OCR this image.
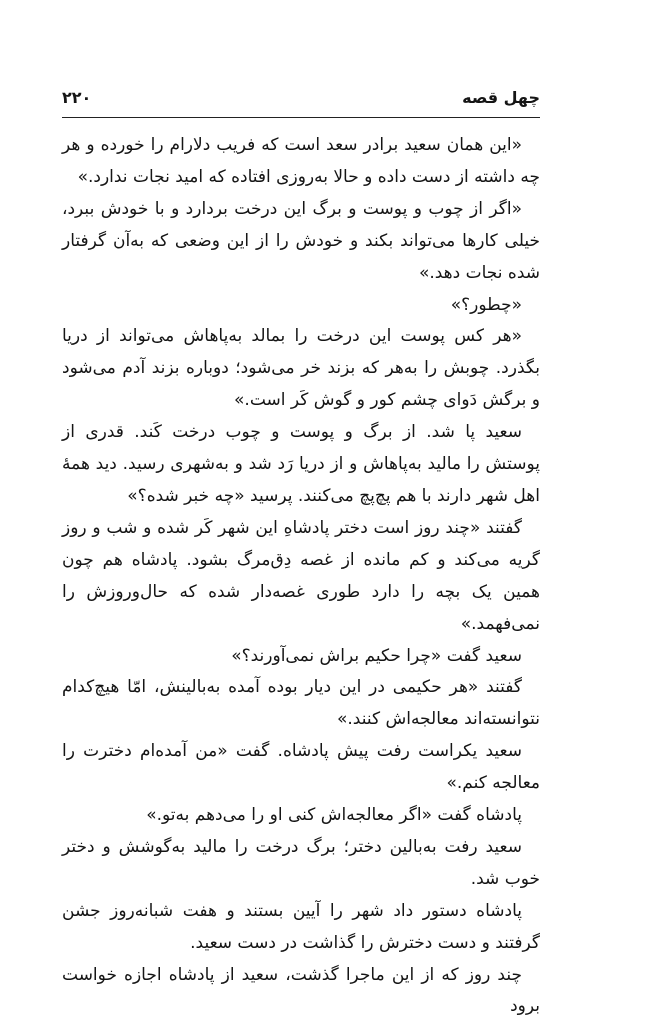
۲۲۰	چهل قصه

«این همان سعید برادر سعد است که فریب دلارام را خورده و هر چه داشته از دست داده و حالا به‌روزی افتاده که امید نجات ندارد.»

«اگر از چوب و پوست و برگ این درخت بردارد و با خودش ببرد، خیلی کارها می‌تواند بکند و خودش را از این وضعی که به‌آن گرفتار شده نجات دهد.»

«چطور؟»

«هر کس پوست این درخت را بمالد به‌پاهاش می‌تواند از دریا بگذرد. چوبش را به‌هر که بزند خر می‌شود؛ دوباره بزند آدم می‌شود و برگش دَوای چشم کور و گوش کَر است.»

سعید پا شد. از برگ و پوست و چوب درخت کَند. قدری از پوستش را مالید به‌پاهاش و از دریا رَد شد و به‌شهری رسید. دید همهٔ اهل شهر دارند با هم پچ‌پچ می‌کنند. پرسید «چه خبر شده؟»

گفتند «چند روز است دختر پادشاهِ این شهر کَر شده و شب و روز گریه می‌کند و کم مانده از غصه دِق‌مرگ بشود. پادشاه هم چون همین یک بچه را دارد طوری غصه‌دار شده که حال‌وروزش را نمی‌فهمد.»

سعید گفت «چرا حکیم براش نمی‌آورند؟»

گفتند «هر حکیمی در این دیار بوده آمده به‌بالینش، امّا هیچ‌کدام نتوانسته‌اند معالجه‌اش کنند.»

سعید یکراست رفت پیش پادشاه. گفت «من آمده‌ام دخترت را معالجه کنم.»

پادشاه گفت «اگر معالجه‌اش کنی او را می‌دهم به‌تو.»

سعید رفت به‌بالین دختر؛ برگ درخت را مالید به‌گوشش و دختر خوب شد.

پادشاه دستور داد شهر را آیین بستند و هفت شبانه‌روز جشن گرفتند و دست دخترش را گذاشت در دست سعید.

چند روز که از این ماجرا گذشت، سعید از پادشاه اجازه خواست برود
